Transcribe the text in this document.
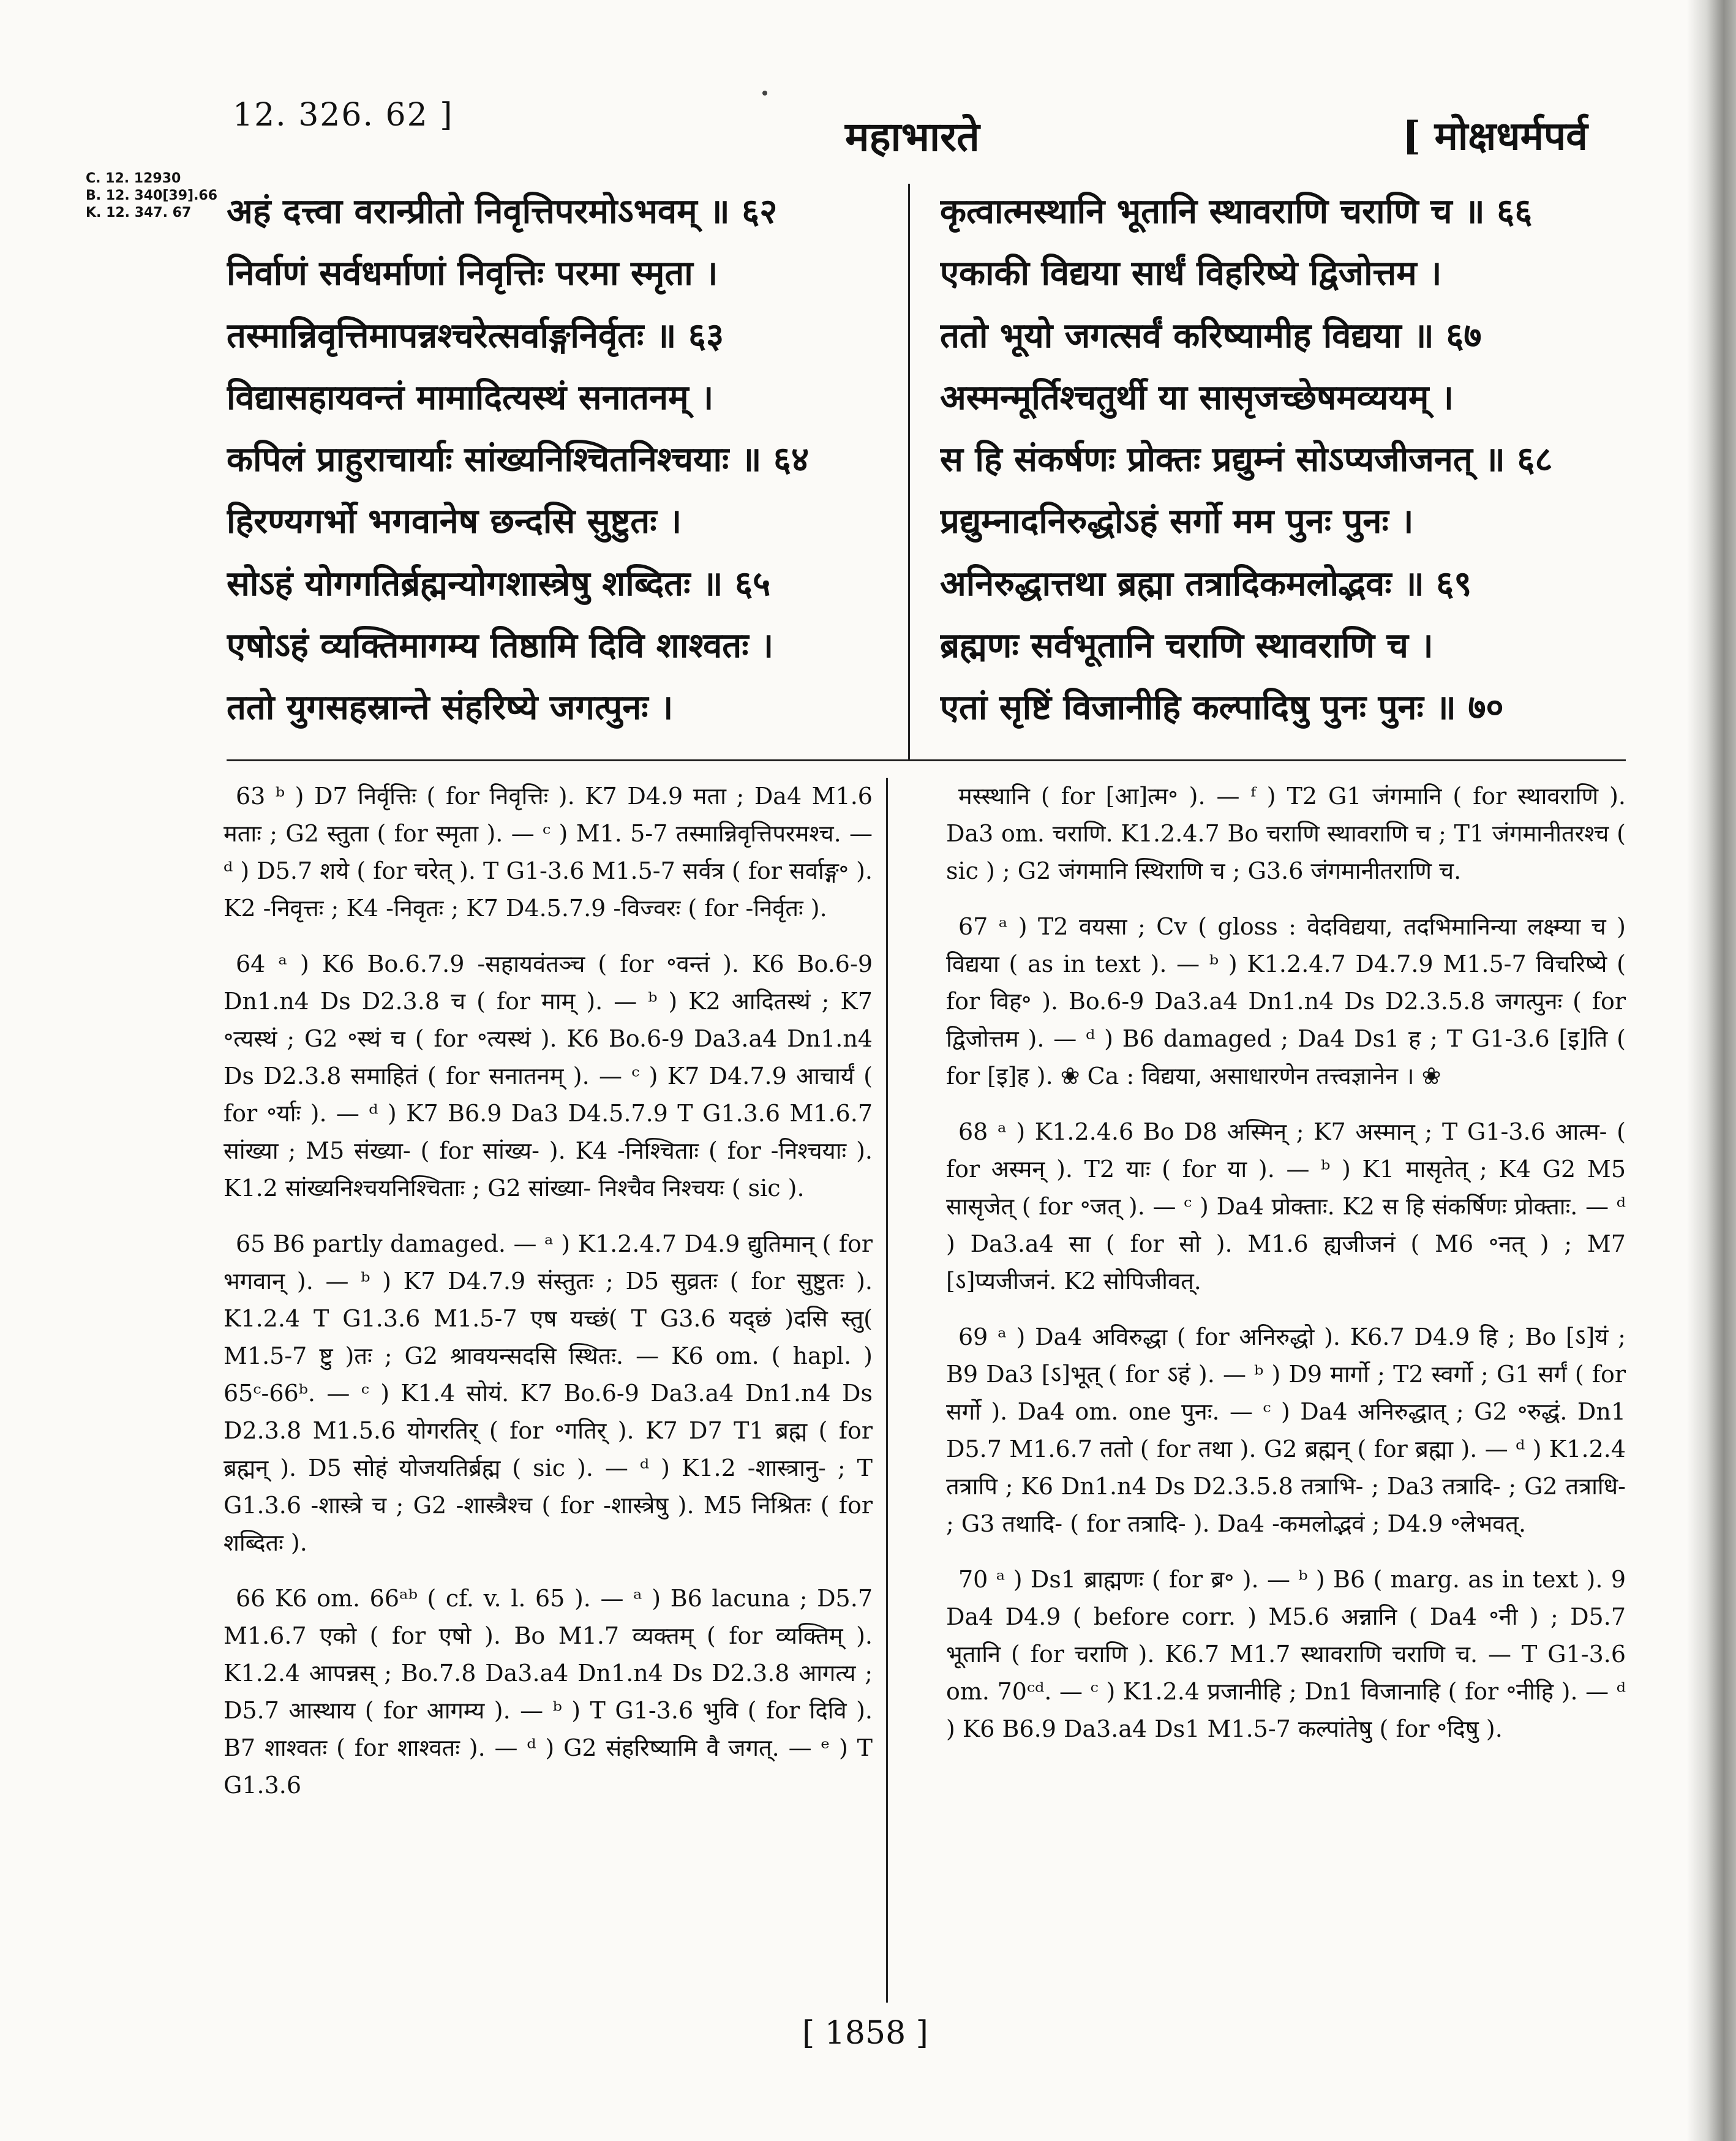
12. 326. 62 ]	महाभारते	[ मोक्षधर्मपर्व
C. 12. 12930
B. 12. 340[39].66
K. 12. 347. 67	अहं दत्त्वा वरान्प्रीतो निवृत्तिपरमोऽभवम् ॥ ६२
निर्वाणं सर्वधर्माणां निवृत्तिः परमा स्मृता ।
तस्मान्निवृत्तिमापन्नश्चरेत्सर्वाङ्गनिर्वृतः ॥ ६३
विद्यासहायवन्तं मामादित्यस्थं सनातनम् ।
कपिलं प्राहुराचार्याः सांख्यनिश्चितनिश्चयाः ॥ ६४
हिरण्यगर्भो भगवानेष छन्दसि सुष्टुतः ।
सोऽहं योगगतिर्ब्रह्मन्योगशास्त्रेषु शब्दितः ॥ ६५
एषोऽहं व्यक्तिमागम्य तिष्ठामि दिवि शाश्वतः ।
ततो युगसहस्रान्ते संहरिष्ये जगत्पुनः ।
कृत्वात्मस्थानि भूतानि स्थावराणि चराणि च ॥ ६६
एकाकी विद्यया सार्धं विहरिष्ये द्विजोत्तम ।
ततो भूयो जगत्सर्वं करिष्यामीह विद्यया ॥ ६७
अस्मन्मूर्तिश्चतुर्थी या सासृजच्छेषमव्ययम् ।
स हि संकर्षणः प्रोक्तः प्रद्युम्नं सोऽप्यजीजनत् ॥ ६८
प्रद्युम्नादनिरुद्धोऽहं सर्गो मम पुनः पुनः ।
अनिरुद्धात्तथा ब्रह्मा तत्रादिकमलोद्भवः ॥ ६९
ब्रह्मणः सर्वभूतानि चराणि स्थावराणि च ।
एतां सृष्टिं विजानीहि कल्पादिषु पुनः पुनः ॥ ७०

63 ᵇ ) D7 निर्वृत्तिः ( for निवृत्तिः ). K7 D4.9 मता ; Da4 M1.6 मताः ; G2 स्तुता ( for स्मृता ). — ᶜ ) M1. 5-7 तस्मान्निवृत्तिपरमश्च. — ᵈ ) D5.7 शये ( for चरेत् ). T G1-3.6 M1.5-7 सर्वत्र ( for सर्वाङ्ग॰ ). K2 -निवृत्तः ; K4 -निवृतः ; K7 D4.5.7.9 -विज्वरः ( for -निर्वृतः ).

64 ᵃ ) K6 Bo.6.7.9 -सहायवंतञ्च ( for ॰वन्तं ). K6 Bo.6-9 Dn1.n4 Ds D2.3.8 च ( for माम् ). — ᵇ ) K2 आदितस्थं ; K7 ॰त्यस्थं ; G2 ॰स्थं च ( for ॰त्यस्थं ). K6 Bo.6-9 Da3.a4 Dn1.n4 Ds D2.3.8 समाहितं ( for सनातनम् ). — ᶜ ) K7 D4.7.9 आचार्यं ( for ॰र्याः ). — ᵈ ) K7 B6.9 Da3 D4.5.7.9 T G1.3.6 M1.6.7 सांख्या ; M5 संख्या- ( for सांख्य- ). K4 -निश्चिताः ( for -निश्चयाः ). K1.2 सांख्यनिश्चयनिश्चिताः ; G2 सांख्या- निश्चैव निश्चयः ( sic ).

65 B6 partly damaged. — ᵃ ) K1.2.4.7 D4.9 द्युतिमान् ( for भगवान् ). — ᵇ ) K7 D4.7.9 संस्तुतः ; D5 सुव्रतः ( for सुष्टुतः ). K1.2.4 T G1.3.6 M1.5-7 एष यच्छं( T G3.6 यद्छं )दसि स्तु( M1.5-7 ष्टु )तः ; G2 श्रावयन्सदसि स्थितः. — K6 om. ( hapl. ) 65ᶜ-66ᵇ. — ᶜ ) K1.4 सोयं. K7 Bo.6-9 Da3.a4 Dn1.n4 Ds D2.3.8 M1.5.6 योगरतिर् ( for ॰गतिर् ). K7 D7 T1 ब्रह्म ( for ब्रह्मन् ). D5 सोहं योजयतिर्ब्रह्म ( sic ). — ᵈ ) K1.2 -शास्त्रानु- ; T G1.3.6 -शास्त्रे च ; G2 -शास्त्रैश्च ( for -शास्त्रेषु ). M5 निश्रितः ( for शब्दितः ).

66 K6 om. 66ᵃᵇ ( cf. v. l. 65 ). — ᵃ ) B6 lacuna ; D5.7 M1.6.7 एको ( for एषो ). Bo M1.7 व्यक्तम् ( for व्यक्तिम् ). K1.2.4 आपन्नस् ; Bo.7.8 Da3.a4 Dn1.n4 Ds D2.3.8 आगत्य ; D5.7 आस्थाय ( for आगम्य ). — ᵇ ) T G1-3.6 भुवि ( for दिवि ). B7 शाश्वतः ( for शाश्वतः ). — ᵈ ) G2 संहरिष्यामि वै जगत्. — ᵉ ) T G1.3.6

मस्स्थानि ( for [आ]त्म॰ ). — ᶠ ) T2 G1 जंगमानि ( for स्थावराणि ). Da3 om. चराणि. K1.2.4.7 Bo चराणि स्थावराणि च ; T1 जंगमानीतरश्च ( sic ) ; G2 जंगमानि स्थिराणि च ; G3.6 जंगमानीतराणि च.

67 ᵃ ) T2 वयसा ; Cv ( gloss : वेदविद्यया, तदभिमानिन्या लक्ष्म्या च ) विद्यया ( as in text ). — ᵇ ) K1.2.4.7 D4.7.9 M1.5-7 विचरिष्ये ( for विह॰ ). Bo.6-9 Da3.a4 Dn1.n4 Ds D2.3.5.8 जगत्पुनः ( for द्विजोत्तम ). — ᵈ ) B6 damaged ; Da4 Ds1 ह ; T G1-3.6 [इ]ति ( for [इ]ह ). ❀ Ca : विद्यया, असाधारणेन तत्त्वज्ञानेन । ❀

68 ᵃ ) K1.2.4.6 Bo D8 अस्मिन् ; K7 अस्मान् ; T G1-3.6 आत्म- ( for अस्मन् ). T2 याः ( for या ). — ᵇ ) K1 मासृतेत् ; K4 G2 M5 सासृजेत् ( for ॰जत् ). — ᶜ ) Da4 प्रोक्ताः. K2 स हि संकर्षिणः प्रोक्ताः. — ᵈ ) Da3.a4 सा ( for सो ). M1.6 ह्यजीजनं ( M6 ॰नत् ) ; M7 [ऽ]प्यजीजनं. K2 सोपिजीवत्.

69 ᵃ ) Da4 अविरुद्धा ( for अनिरुद्धो ). K6.7 D4.9 हि ; Bo [ऽ]यं ; B9 Da3 [ऽ]भूत् ( for ऽहं ). — ᵇ ) D9 मार्गो ; T2 स्वर्गो ; G1 सर्गं ( for सर्गो ). Da4 om. one पुनः. — ᶜ ) Da4 अनिरुद्धात् ; G2 ॰रुद्धं. Dn1 D5.7 M1.6.7 ततो ( for तथा ). G2 ब्रह्मन् ( for ब्रह्मा ). — ᵈ ) K1.2.4 तत्रापि ; K6 Dn1.n4 Ds D2.3.5.8 तत्राभि- ; Da3 तत्रादि- ; G2 तत्राधि- ; G3 तथादि- ( for तत्रादि- ). Da4 -कमलोद्भवं ; D4.9 ॰लेभवत्.

70 ᵃ ) Ds1 ब्राह्मणः ( for ब्र॰ ). — ᵇ ) B6 ( marg. as in text ). 9 Da4 D4.9 ( before corr. ) M5.6 अन्नानि ( Da4 ॰नी ) ; D5.7 भूतानि ( for चराणि ). K6.7 M1.7 स्थावराणि चराणि च. — T G1-3.6 om. 70ᶜᵈ. — ᶜ ) K1.2.4 प्रजानीहि ; Dn1 विजानाहि ( for ॰नीहि ). — ᵈ ) K6 B6.9 Da3.a4 Ds1 M1.5-7 कल्पांतेषु ( for ॰दिषु ).

[ 1858 ]
